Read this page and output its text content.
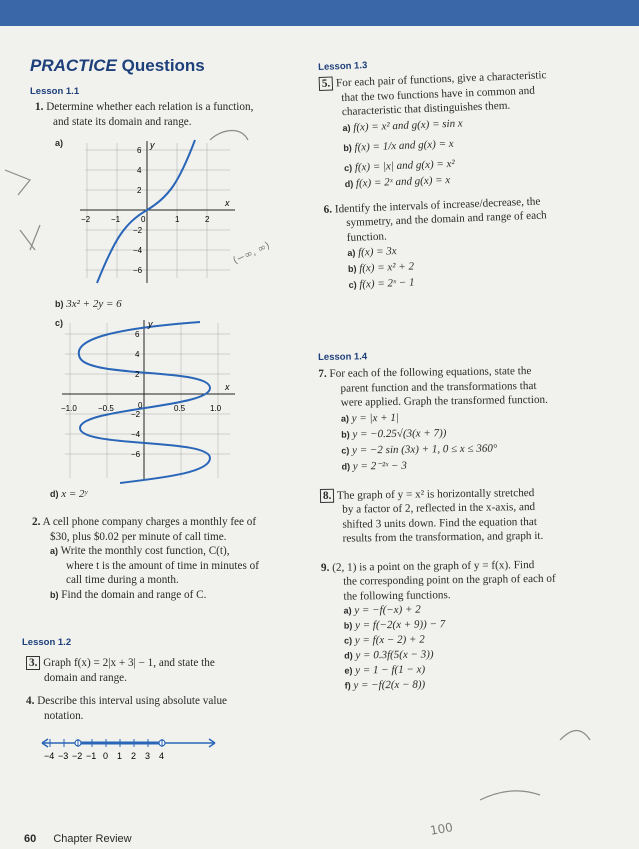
PRACTICE Questions
Lesson 1.1
1. Determine whether each relation is a function,
and state its domain and range.
a)	y
x
−2	−1	0	1	2
6
4
2
−2
−4
−6
b) 3x² + 2y = 6
c)	y
x
−1.0	−0.5	0	0.5	1.0
6
4
2
−2
−4
−6
d) x = 2ʸ
2. A cell phone company charges a monthly fee of
$30, plus $0.02 per minute of call time.
a) Write the monthly cost function, C(t),
where t is the amount of time in minutes of
call time during a month.
b) Find the domain and range of C.
Lesson 1.2
3. Graph f(x) = 2|x + 3| − 1, and state the
domain and range.
4. Describe this interval using absolute value
notation.
−4 −3 −2 −1 0 1 2 3 4
60 Chapter Review
Lesson 1.3
5. For each pair of functions, give a characteristic
that the two functions have in common and
characteristic that distinguishes them.
a) f(x) = x² and g(x) = sin x
b) f(x) = 1/x and g(x) = x
c) f(x) = |x| and g(x) = x²
d) f(x) = 2ˣ and g(x) = x
6. Identify the intervals of increase/decrease, the
symmetry, and the domain and range of each
function.
a) f(x) = 3x
b) f(x) = x² + 2
c) f(x) = 2ˣ − 1
Lesson 1.4
7. For each of the following equations, state the
parent function and the transformations that
were applied. Graph the transformed function.
a) y = |x + 1|
b) y = −0.25√(3(x + 7))
c) y = −2 sin (3x) + 1, 0 ≤ x ≤ 360°
d) y = 2⁻²ˣ − 3
8. The graph of y = x² is horizontally stretched
by a factor of 2, reflected in the x-axis, and
shifted 3 units down. Find the equation that
results from the transformation, and graph it.
9. (2, 1) is a point on the graph of y = f(x). Find
the corresponding point on the graph of each of
the following functions.
a) y = −f(−x) + 2
b) y = f(−2(x + 9)) − 7
c) y = f(x − 2) + 2
d) y = 0.3f(5(x − 3))
e) y = 1 − f(1 − x)
f) y = −f(2(x − 8))
(−∞, ∞)
100
